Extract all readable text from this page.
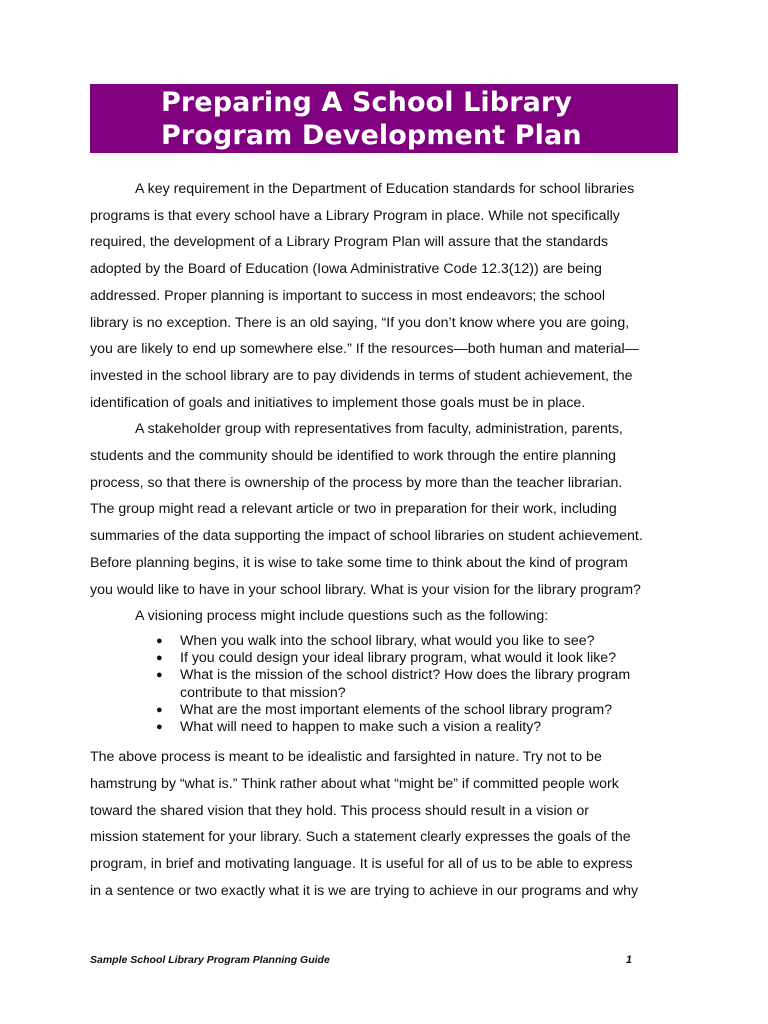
Preparing A School Library
Program Development Plan

A key requirement in the Department of Education standards for school libraries
programs is that every school have a Library Program in place. While not specifically
required, the development of a Library Program Plan will assure that the standards
adopted by the Board of Education (Iowa Administrative Code 12.3(12)) are being
addressed. Proper planning is important to success in most endeavors; the school
library is no exception. There is an old saying, “If you don’t know where you are going,
you are likely to end up somewhere else.” If the resources—both human and material—
invested in the school library are to pay dividends in terms of student achievement, the
identification of goals and initiatives to implement those goals must be in place.

A stakeholder group with representatives from faculty, administration, parents,
students and the community should be identified to work through the entire planning
process, so that there is ownership of the process by more than the teacher librarian.
The group might read a relevant article or two in preparation for their work, including
summaries of the data supporting the impact of school libraries on student achievement.
Before planning begins, it is wise to take some time to think about the kind of program
you would like to have in your school library. What is your vision for the library program?

A visioning process might include questions such as the following:

● When you walk into the school library, what would you like to see?
● If you could design your ideal library program, what would it look like?
● What is the mission of the school district? How does the library program
contribute to that mission?
● What are the most important elements of the school library program?
● What will need to happen to make such a vision a reality?

The above process is meant to be idealistic and farsighted in nature. Try not to be
hamstrung by “what is.” Think rather about what “might be” if committed people work
toward the shared vision that they hold. This process should result in a vision or
mission statement for your library. Such a statement clearly expresses the goals of the
program, in brief and motivating language. It is useful for all of us to be able to express
in a sentence or two exactly what it is we are trying to achieve in our programs and why

Sample School Library Program Planning Guide	1
